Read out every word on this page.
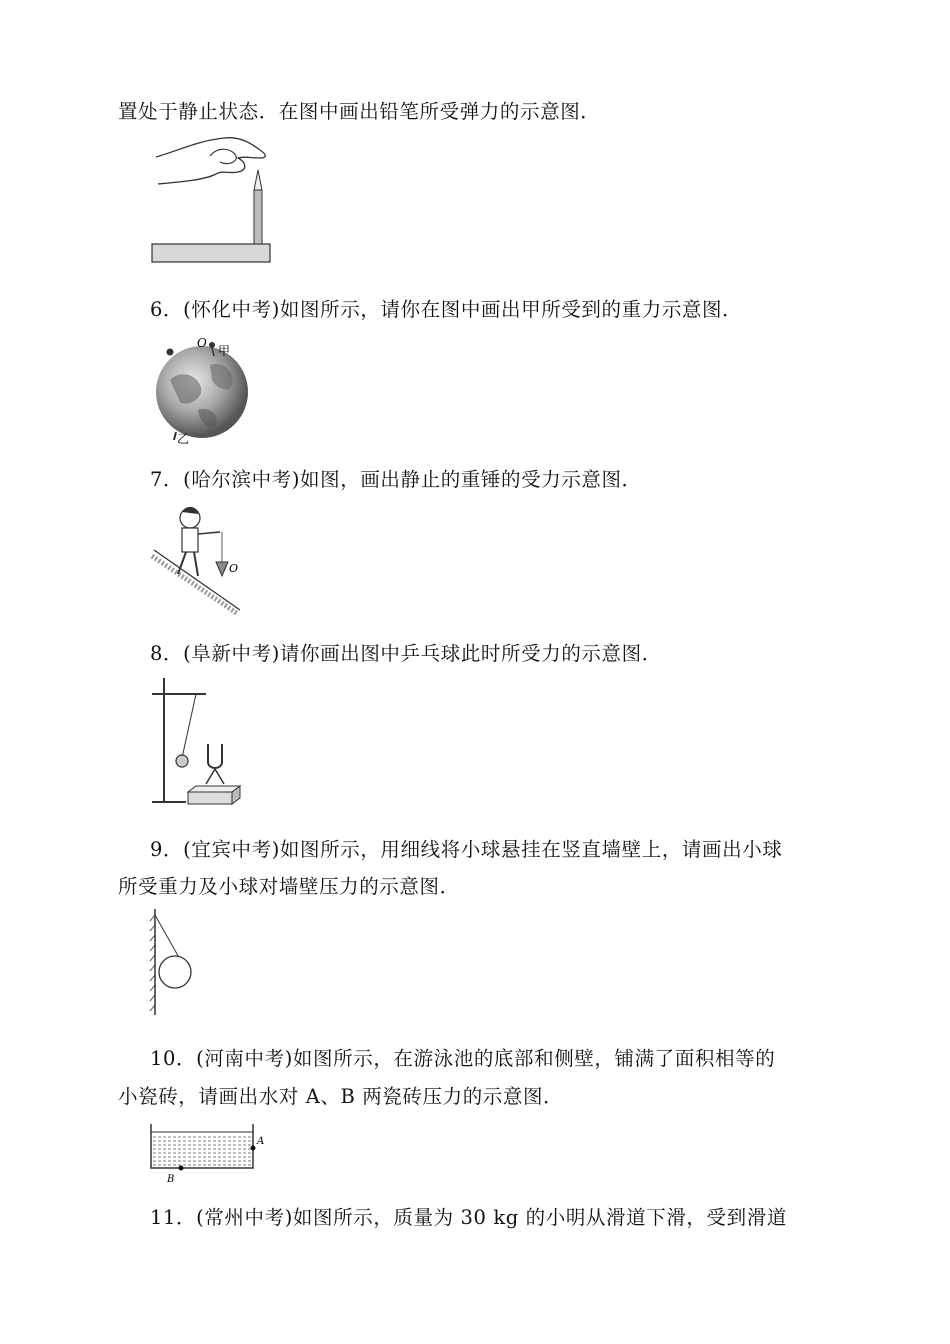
置处于静止状态．在图中画出铅笔所受弹力的示意图．
6．(怀化中考)如图所示，请你在图中画出甲所受到的重力示意图．
O
甲
乙
7．(哈尔滨中考)如图，画出静止的重锤的受力示意图．
O
8．(阜新中考)请你画出图中乒乓球此时所受力的示意图．
9．(宜宾中考)如图所示，用细线将小球悬挂在竖直墙壁上，请画出小球
所受重力及小球对墙壁压力的示意图．
10．(河南中考)如图所示，在游泳池的底部和侧壁，铺满了面积相等的
小瓷砖，请画出水对 A、B 两瓷砖压力的示意图．
A
B
11．(常州中考)如图所示，质量为 30 kg 的小明从滑道下滑，受到滑道
